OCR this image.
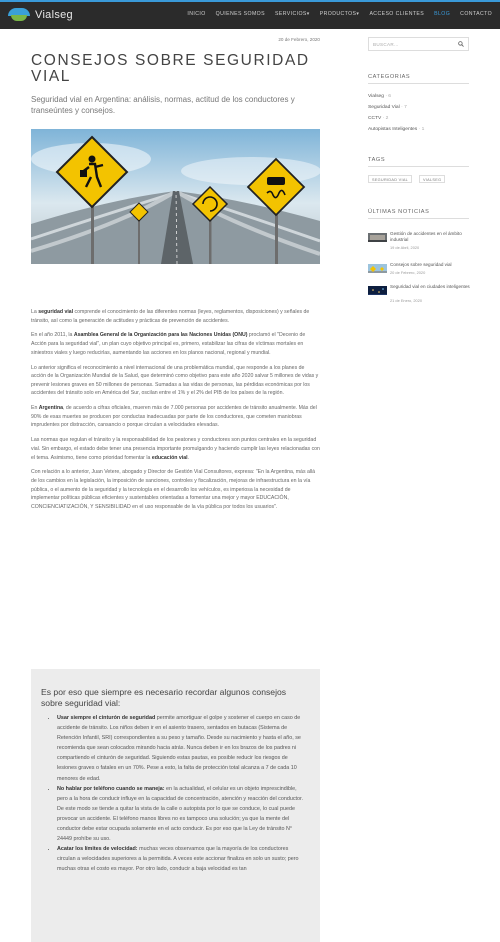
Vialseg	INICIO QUIENES SOMOS SERVICIOS▾ PRODUCTOS▾ ACCESO CLIENTES BLOG CONTACTO
20 de Febrero, 2020
CONSEJOS SOBRE SEGURIDAD VIAL
Seguridad vial en Argentina: análisis, normas, actitud de los conductores y transeúntes y consejos.

La seguridad vial comprende el conocimiento de las diferentes normas (leyes, reglamentos, disposiciones) y señales de tránsito, así como la generación de actitudes y prácticas de prevención de accidentes.

En el año 2011, la Asamblea General de la Organización para las Naciones Unidas (ONU) proclamó el "Decenio de Acción para la seguridad vial", un plan cuyo objetivo principal es, primero, estabilizar las cifras de víctimas mortales en siniestros viales y luego reducirlas, aumentando las acciones en los planos nacional, regional y mundial.

Lo anterior significa el reconocimiento a nivel internacional de una problemática mundial, que responde a los planes de acción de la Organización Mundial de la Salud, que determinó como objetivo para este año 2020 salvar 5 millones de vidas y prevenir lesiones graves en 50 millones de personas. Sumadas a las vidas de personas, las pérdidas económicas por los accidentes del tránsito solo en América del Sur, oscilan entre el 1% y el 2% del PIB de los países de la región.

En Argentina, de acuerdo a cifras oficiales, mueren más de 7.000 personas por accidentes de tránsito anualmente. Más del 90% de esas muertes se producen por conductas inadecuadas por parte de los conductores, que cometen maniobras imprudentes por distracción, cansancio o porque circulan a velocidades elevadas.

Las normas que regulan el tránsito y la responsabilidad de los peatones y conductores son puntos centrales en la seguridad vial. Sin embargo, el estado debe tener una presencia importante promulgando y haciendo cumplir las leyes relacionadas con el tema. Asimismo, tiene como prioridad fomentar la educación vial.

Con relación a lo anterior, Juan Vetere, abogado y Director de Gestión Vial Consultores, expresa: "En la Argentina, más allá de los cambios en la legislación, la imposición de sanciones, controles y fiscalización, mejoras de infraestructura en la vía pública, o el aumento de la seguridad y la tecnología en el desarrollo los vehículos, es imperiosa la necesidad de implementar políticas públicas eficientes y sustentables orientadas a fomentar una mejor y mayor EDUCACIÓN, CONCIENCIATIZACIÓN, Y SENSIBILIDAD en el uso responsable de la vía pública por todos los usuarios".

Es por eso que siempre es necesario recordar algunos consejos sobre seguridad vial:
• Usar siempre el cinturón de seguridad permite amortiguar el golpe y sostener el cuerpo en caso de accidente de tránsito. Los niños deben ir en el asiento trasero, sentados en butacas (Sistema de Retención Infantil, SRI) correspondientes a su peso y tamaño. Desde su nacimiento y hasta el año, se recomienda que sean colocados mirando hacia atrás. Nunca deben ir en los brazos de los padres ni compartiendo el cinturón de seguridad. Siguiendo estas pautas, es posible reducir los riesgos de lesiones graves o fatales en un 70%. Pese a esto, la falta de protección total alcanza a 7 de cada 10 menores de edad.
• No hablar por teléfono cuando se maneja: en la actualidad, el celular es un objeto imprescindible, pero a la hora de conducir influye en la capacidad de concentración, atención y reacción del conductor. De este modo se tiende a quitar la vista de la calle o autopista por lo que se conduce, lo cual puede provocar un accidente. El teléfono manos libres no es tampoco una solución; ya que la mente del conductor debe estar ocupada solamente en el acto conducir. Es por eso que la Ley de tránsito N° 24449 prohíbe su uso.
• Acatar los límites de velocidad: muchas veces observamos que la mayoría de los conductores circulan a velocidades superiores a la permitida. A veces este accionar finaliza en solo un susto; pero muchas otras el costo es mayor. Por otro lado, conducir a baja velocidad es tan
BUSCAR...
CATEGORIAS
Vialseg · 6
Seguridad Vial · 7
CCTV · 2
Autopistas Inteligentes · 1
TAGS
SEGURIDAD VIAL	VIALSEG
ÚLTIMAS NOTICIAS
Gestión de accidentes en el ámbito industrial
19 de Abril, 2020
Consejos sobre seguridad vial
20 de Febrero, 2020
Seguridad vial en ciudades inteligentes
21 de Enero, 2020
